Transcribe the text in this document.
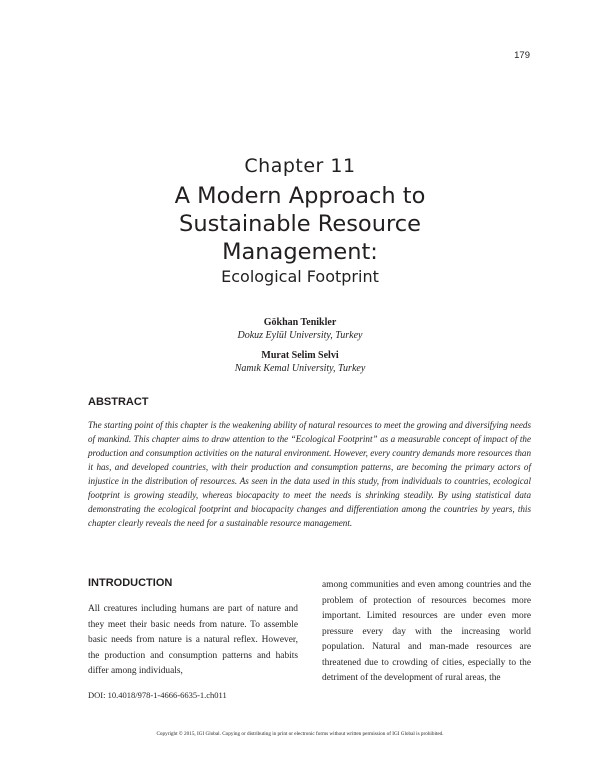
179
Chapter 11
A Modern Approach to
Sustainable Resource
Management:
Ecological Footprint
Gökhan Tenikler
Dokuz Eylül University, Turkey
Murat Selim Selvi
Namık Kemal University, Turkey
ABSTRACT
The starting point of this chapter is the weakening ability of natural resources to meet the growing and diversifying needs of mankind. This chapter aims to draw attention to the “Ecological Footprint” as a measurable concept of impact of the production and consumption activities on the natural environment. However, every country demands more resources than it has, and developed countries, with their production and consumption patterns, are becoming the primary actors of injustice in the distribution of resources. As seen in the data used in this study, from individuals to countries, ecological footprint is growing steadily, whereas biocapacity to meet the needs is shrinking steadily. By using statistical data demonstrating the ecological footprint and biocapacity changes and differentiation among the countries by years, this chapter clearly reveals the need for a sustainable resource management.
INTRODUCTION
All creatures including humans are part of nature and they meet their basic needs from nature. To assemble basic needs from nature is a natural reflex. However, the production and consumption patterns and habits differ among individuals,
among communities and even among countries and the problem of protection of resources becomes more important. Limited resources are under even more pressure every day with the increasing world population. Natural and man-made resources are threatened due to crowding of cities, especially to the detriment of the development of rural areas, the
DOI: 10.4018/978-1-4666-6635-1.ch011
Copyright © 2015, IGI Global. Copying or distributing in print or electronic forms without written permission of IGI Global is prohibited.
